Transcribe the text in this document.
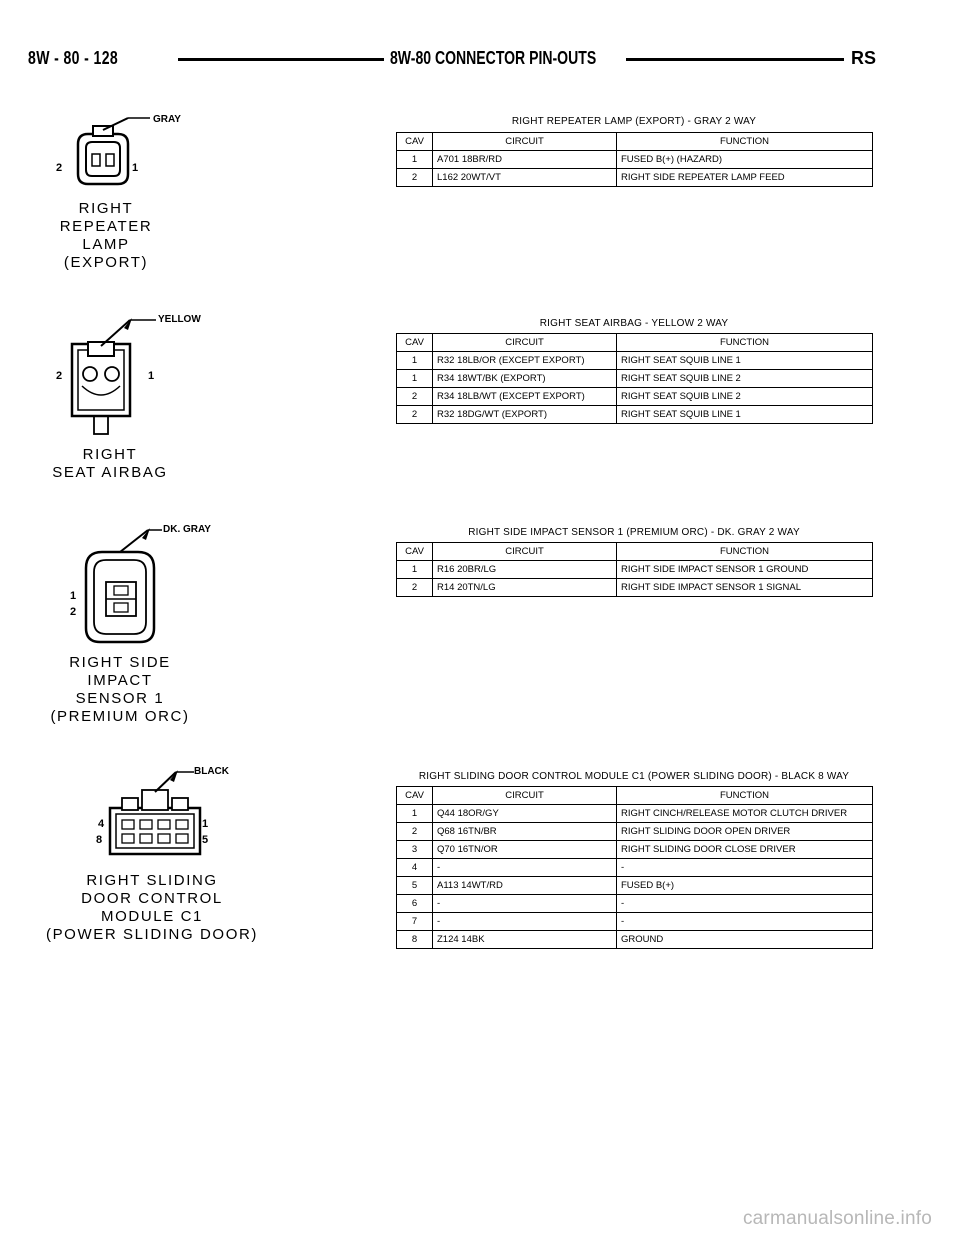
8W - 80 - 128	8W-80 CONNECTOR PIN-OUTS	RS
GRAY
2	1
RIGHT
REPEATER
LAMP
(EXPORT)
RIGHT REPEATER LAMP (EXPORT) - GRAY 2 WAY
CAV	CIRCUIT	FUNCTION
1	A701 18BR/RD	FUSED B(+) (HAZARD)
2	L162 20WT/VT	RIGHT SIDE REPEATER LAMP FEED
YELLOW
2	1
RIGHT
SEAT AIRBAG
RIGHT SEAT AIRBAG - YELLOW 2 WAY
CAV	CIRCUIT	FUNCTION
1	R32 18LB/OR (EXCEPT EXPORT)	RIGHT SEAT SQUIB LINE 1
1	R34 18WT/BK (EXPORT)	RIGHT SEAT SQUIB LINE 2
2	R34 18LB/WT (EXCEPT EXPORT)	RIGHT SEAT SQUIB LINE 2
2	R32 18DG/WT (EXPORT)	RIGHT SEAT SQUIB LINE 1
DK. GRAY
1
2
RIGHT SIDE
IMPACT
SENSOR 1
(PREMIUM ORC)
RIGHT SIDE IMPACT SENSOR 1 (PREMIUM ORC) - DK. GRAY 2 WAY
CAV	CIRCUIT	FUNCTION
1	R16 20BR/LG	RIGHT SIDE IMPACT SENSOR 1 GROUND
2	R14 20TN/LG	RIGHT SIDE IMPACT SENSOR 1 SIGNAL
BLACK
4
8
1
5
RIGHT SLIDING
DOOR CONTROL
MODULE C1
(POWER SLIDING DOOR)
RIGHT SLIDING DOOR CONTROL MODULE C1 (POWER SLIDING DOOR) - BLACK 8 WAY
CAV	CIRCUIT	FUNCTION
1	Q44 18OR/GY	RIGHT CINCH/RELEASE MOTOR CLUTCH DRIVER
2	Q68 16TN/BR	RIGHT SLIDING DOOR OPEN DRIVER
3	Q70 16TN/OR	RIGHT SLIDING DOOR CLOSE DRIVER
4	-	-
5	A113 14WT/RD	FUSED B(+)
6	-	-
7	-	-
8	Z124 14BK	GROUND
carmanualsonline.info
